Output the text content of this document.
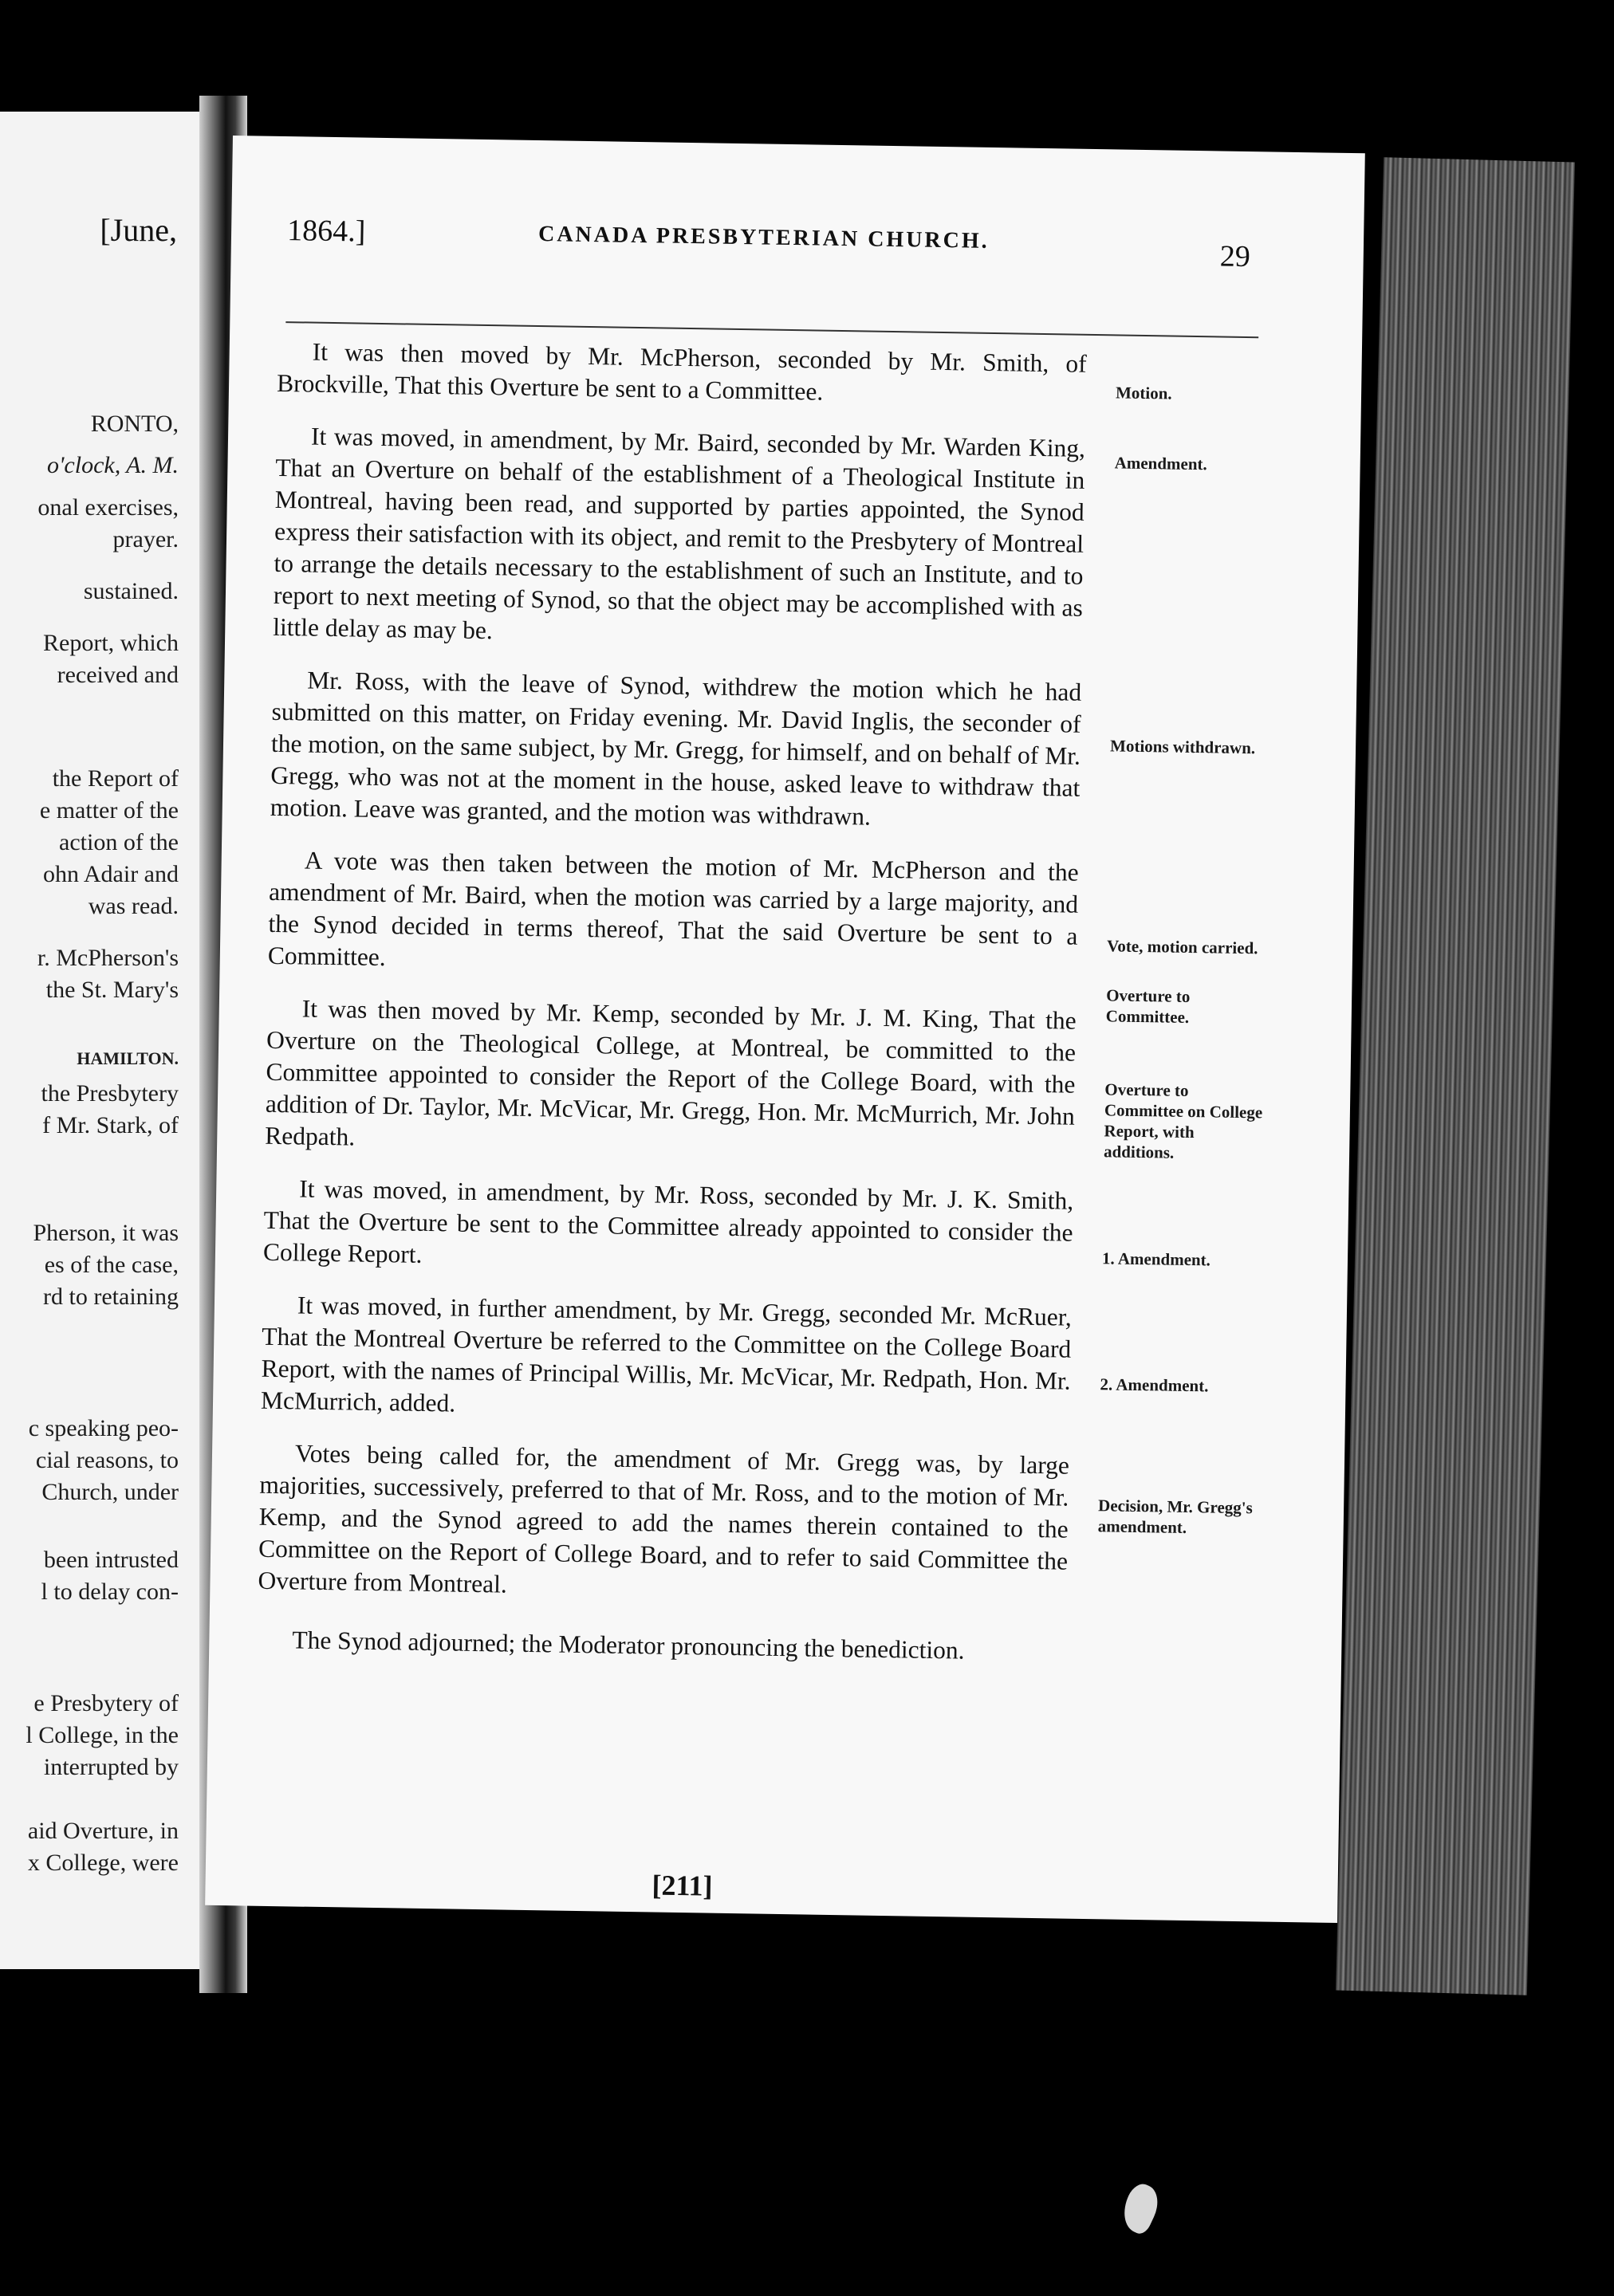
[June,
RONTO,
o'clock, A. M.
onal exercises,
prayer.
sustained.
Report, which
received and
the Report of
e matter of the
action of the
ohn Adair and
was read.
r. McPherson's
the St. Mary's
HAMILTON.
the Presbytery
f Mr. Stark, of
Pherson, it was
es of the case,
rd to retaining
c speaking peo-
cial reasons, to
Church, under
been intrusted
l to delay con-
e Presbytery of
l College, in the
interrupted by
aid Overture, in
x College, were
1864.]	CANADA PRESBYTERIAN CHURCH.
29

It was then moved by Mr. McPherson, seconded by Mr. Smith, of Brockville, That this Overture be sent to a Committee.

It was moved, in amendment, by Mr. Baird, seconded by Mr. Warden King, That an Overture on behalf of the establishment of a Theological Institute in Montreal, having been read, and supported by parties appointed, the Synod express their satisfaction with its object, and remit to the Presbytery of Montreal to arrange the details necessary to the establishment of such an Institute, and to report to next meeting of Synod, so that the object may be accomplished with as little delay as may be.

Mr. Ross, with the leave of Synod, withdrew the motion which he had submitted on this matter, on Friday evening. Mr. David Inglis, the seconder of the motion, on the same subject, by Mr. Gregg, for himself, and on behalf of Mr. Gregg, who was not at the moment in the house, asked leave to withdraw that motion. Leave was granted, and the motion was withdrawn.

A vote was then taken between the motion of Mr. McPherson and the amendment of Mr. Baird, when the motion was carried by a large majority, and the Synod decided in terms thereof, That the said Overture be sent to a Committee.

It was then moved by Mr. Kemp, seconded by Mr. J. M. King, That the Overture on the Theological College, at Montreal, be committed to the Committee appointed to consider the Report of the College Board, with the addition of Dr. Taylor, Mr. McVicar, Mr. Gregg, Hon. Mr. McMurrich, Mr. John Redpath.

It was moved, in amendment, by Mr. Ross, seconded by Mr. J. K. Smith, That the Overture be sent to the Committee already appointed to consider the College Report.

It was moved, in further amendment, by Mr. Gregg, seconded Mr. McRuer, That the Montreal Overture be referred to the Committee on the College Board Report, with the names of Principal Willis, Mr. McVicar, Mr. Redpath, Hon. Mr. McMurrich, added.

Votes being called for, the amendment of Mr. Gregg was, by large majorities, successively, preferred to that of Mr. Ross, and to the motion of Mr. Kemp, and the Synod agreed to add the names therein contained to the Committee on the Report of College Board, and to refer to said Committee the Overture from Montreal.

The Synod adjourned; the Moderator pronouncing the benediction.

Motion.
Amendment.
Motions withdrawn.
Vote, motion carried.
Overture to Committee.
Overture to Committee on College Report, with additions.
1. Amendment.
2. Amendment.
Decision, Mr. Gregg's amendment.
[211]
